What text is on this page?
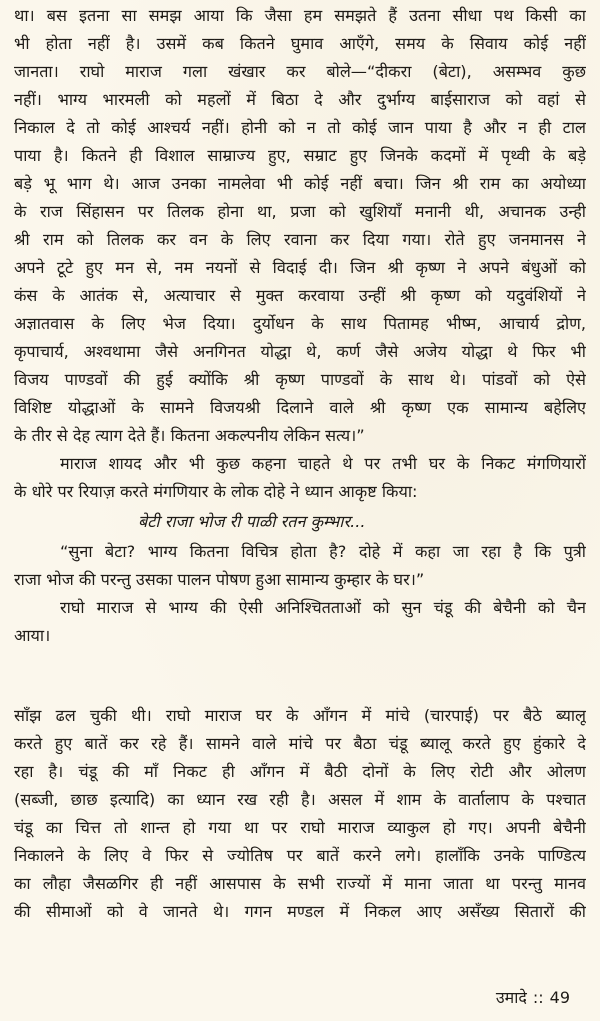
था। बस इतना सा समझ आया कि जैसा हम समझते हैं उतना सीधा पथ किसी का
भी होता नहीं है। उसमें कब कितने घुमाव आएँगे, समय के सिवाय कोई नहीं
जानता। राघो माराज गला खंखार कर बोले—“दीकरा (बेटा), असम्भव कुछ
नहीं। भाग्य भारमली को महलों में बिठा दे और दुर्भाग्य बाईसाराज को वहां से
निकाल दे तो कोई आश्चर्य नहीं। होनी को न तो कोई जान पाया है और न ही टाल
पाया है। कितने ही विशाल साम्राज्य हुए, सम्राट हुए जिनके कदमों में पृथ्वी के बड़े
बड़े भू भाग थे। आज उनका नामलेवा भी कोई नहीं बचा। जिन श्री राम का अयोध्या
के राज सिंहासन पर तिलक होना था, प्रजा को खुशियाँ मनानी थी, अचानक उन्ही
श्री राम को तिलक कर वन के लिए रवाना कर दिया गया। रोते हुए जनमानस ने
अपने टूटे हुए मन से, नम नयनों से विदाई दी। जिन श्री कृष्ण ने अपने बंधुओं को
कंस के आतंक से, अत्याचार से मुक्त करवाया उन्हीं श्री कृष्ण को यदुवंशियों ने
अज्ञातवास के लिए भेज दिया। दुर्योधन के साथ पितामह भीष्म, आचार्य द्रोण,
कृपाचार्य, अश्वथामा जैसे अनगिनत योद्धा थे, कर्ण जैसे अजेय योद्धा थे फिर भी
विजय पाण्डवों की हुई क्योंकि श्री कृष्ण पाण्डवों के साथ थे। पांडवों को ऐसे
विशिष्ट योद्धाओं के सामने विजयश्री दिलाने वाले श्री कृष्ण एक सामान्य बहेलिए
के तीर से देह त्याग देते हैं। कितना अकल्पनीय लेकिन सत्य।”
माराज शायद और भी कुछ कहना चाहते थे पर तभी घर के निकट मंगणियारों
के धोरे पर रियाज़ करते मंगणियार के लोक दोहे ने ध्यान आकृष्ट किया:
बेटी राजा भोज री पाळी रतन कुम्भार...
“सुना बेटा? भाग्य कितना विचित्र होता है? दोहे में कहा जा रहा है कि पुत्री
राजा भोज की परन्तु उसका पालन पोषण हुआ सामान्य कुम्हार के घर।”
राघो माराज से भाग्य की ऐसी अनिश्चितताओं को सुन चंडू की बेचैनी को चैन
आया।
साँझ ढल चुकी थी। राघो माराज घर के आँगन में मांचे (चारपाई) पर बैठे ब्यालू
करते हुए बातें कर रहे हैं। सामने वाले मांचे पर बैठा चंडू ब्यालू करते हुए हुंकारे दे
रहा है। चंडू की माँ निकट ही आँगन में बैठी दोनों के लिए रोटी और ओलण
(सब्जी, छाछ इत्यादि) का ध्यान रख रही है। असल में शाम के वार्तालाप के पश्चात
चंडू का चित्त तो शान्त हो गया था पर राघो माराज व्याकुल हो गए। अपनी बेचैनी
निकालने के लिए वे फिर से ज्योतिष पर बातें करने लगे। हालाँकि उनके पाण्डित्य
का लौहा जैसळगिर ही नहीं आसपास के सभी राज्यों में माना जाता था परन्तु मानव
की सीमाओं को वे जानते थे। गगन मण्डल में निकल आए असँख्य सितारों की
उमादे :: 49
